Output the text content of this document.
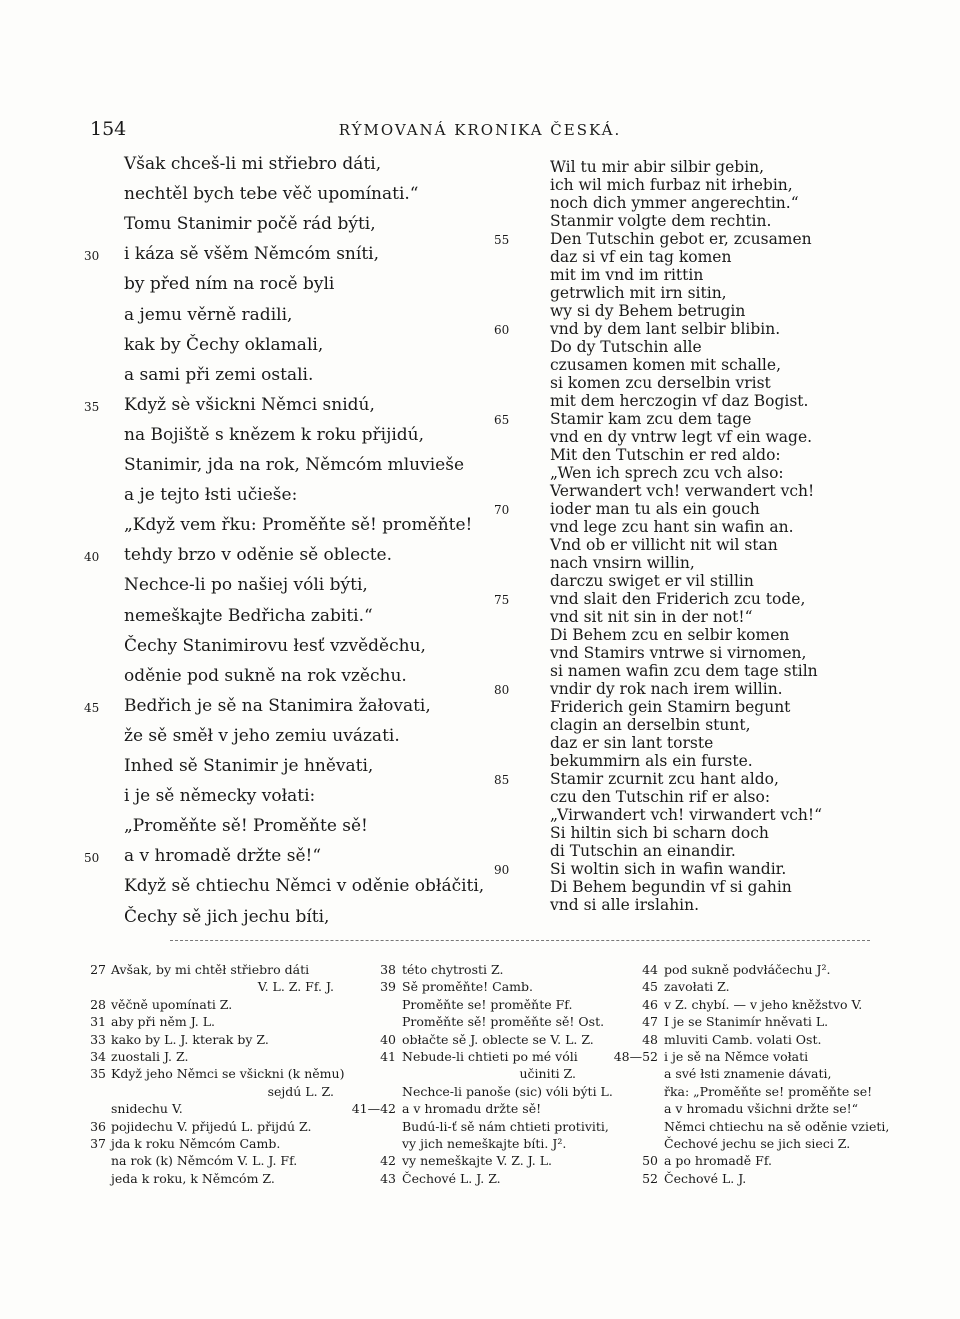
154	RÝMOVANÁ KRONIKA ČESKÁ.
Však chceš-li mi střiebro dáti,
nechtěl bych tebe věč upomínati.“
Tomu Stanimir počě rád býti,
i káza sě všěm Němcóm sníti,
by před ním na rocě byli
a jemu věrně radili,
kak by Čechy oklamali,
a sami při zemi ostali.
Když sè všickni Němci snidú,
na Bojiště s knězem k roku přijidú,
Stanimir, jda na rok, Němcóm mluvieše
a je tejto łsti učieše:
„Když vem řku: Proměňte sě! proměňte!
tehdy brzo v oděnie sě oblecte.
Nechce-li po našiej vóli býti,
nemeškajte Bedřicha zabiti.“
Čechy Stanimirovu łesť vzvěděchu,
oděnie pod sukně na rok vzěchu.
Bedřich je sě na Stanimira žałovati,
že sě směł v jeho zemiu uvázati.
Inhed sě Stanimir je hněvati,
i je sě německy vołati:
„Proměňte sě! Proměňte sě!
a v hromadě držte sě!“
Když sě chtiechu Němci v oděnie obłáčiti,
Čechy sě jich jechu bíti,
30
35
40
45
50
Wil tu mir abir silbir gebin,
ich wil mich furbaz nit irhebin,
noch dich ymmer angerechtin.“
Stanmir volgte dem rechtin.
Den Tutschin gebot er, zcusamen
daz si vf ein tag komen
mit im vnd im rittin
getrwlich mit irn sitin,
wy si dy Behem betrugin
vnd by dem lant selbir blibin.
Do dy Tutschin alle
czusamen komen mit schalle,
si komen zcu derselbin vrist
mit dem herczogin vf daz Bogist.
Stamir kam zcu dem tage
vnd en dy vntrw legt vf ein wage.
Mit den Tutschin er red aldo:
„Wen ich sprech zcu vch also:
Verwandert vch! verwandert vch!
ioder man tu als ein gouch
vnd lege zcu hant sin wafin an.
Vnd ob er villicht nit wil stan
nach vnsirn willin,
darczu swiget er vil stillin
vnd slait den Friderich zcu tode,
vnd sit nit sin in der not!“
Di Behem zcu en selbir komen
vnd Stamirs vntrwe si virnomen,
si namen wafin zcu dem tage stiln
vndir dy rok nach irem willin.
Friderich gein Stamirn begunt
clagin an derselbin stunt,
daz er sin lant torste
bekummirn als ein furste.
Stamir zcurnit zcu hant aldo,
czu den Tutschin rif er also:
„Virwandert vch! virwandert vch!“
Si hiltin sich bi scharn doch
di Tutschin an einandir.
Si woltin sich in wafin wandir.
Di Behem begundin vf si gahin
vnd si alle irslahin.
55
60
65
70
75
80
85
90
27 Avšak, by mi chtěł střiebro dáti
V. L. Z. Ff. J.
28 věčně upomínati Z.
31 aby při něm J. L.
33 kako by L. J. kterak by Z.
34 zuostali J. Z.
35 Když jeho Němci se všickni (k němu)
sejdú L. Z.
snidechu V.
36 pojidechu V. přijedú L. přijdú Z.
37 jda k roku Němcóm Camb.
na rok (k) Němcóm V. L. J. Ff.
jeda k roku, k Němcóm Z.
38 této chytrosti Z.
39 Sě proměňte! Camb.
Proměňte se! proměňte Ff.
Proměňte sě! proměňte sě! Ost.
40 obłačte sě J. oblecte se V. L. Z.
41 Nebude-li chtieti po mé vóli
učiniti Z.
Nechce-li panoše (sic) vóli býti L.
41—42 a v hromadu držte sě!
Budú-li-ť sě nám chtieti protiviti,
vy jich nemeškajte bíti. J².
42 vy nemeškajte V. Z. J. L.
43 Čechové L. J. Z.
44 pod sukně podvłáčechu J².
45 zavołati Z.
46 v Z. chybí. — v jeho kněžstvo V.
47 I je se Stanimír hněvati L.
48 mluviti Camb. volati Ost.
48—52 i je sě na Němce vołati
a své łsti znamenie dávati,
řka: „Proměňte se! proměňte se!
a v hromadu všichni držte se!“
Němci chtiechu na sě oděnie vzieti,
Čechové jechu se jich sieci Z.
50 a po hromadě Ff.
52 Čechové L. J.
